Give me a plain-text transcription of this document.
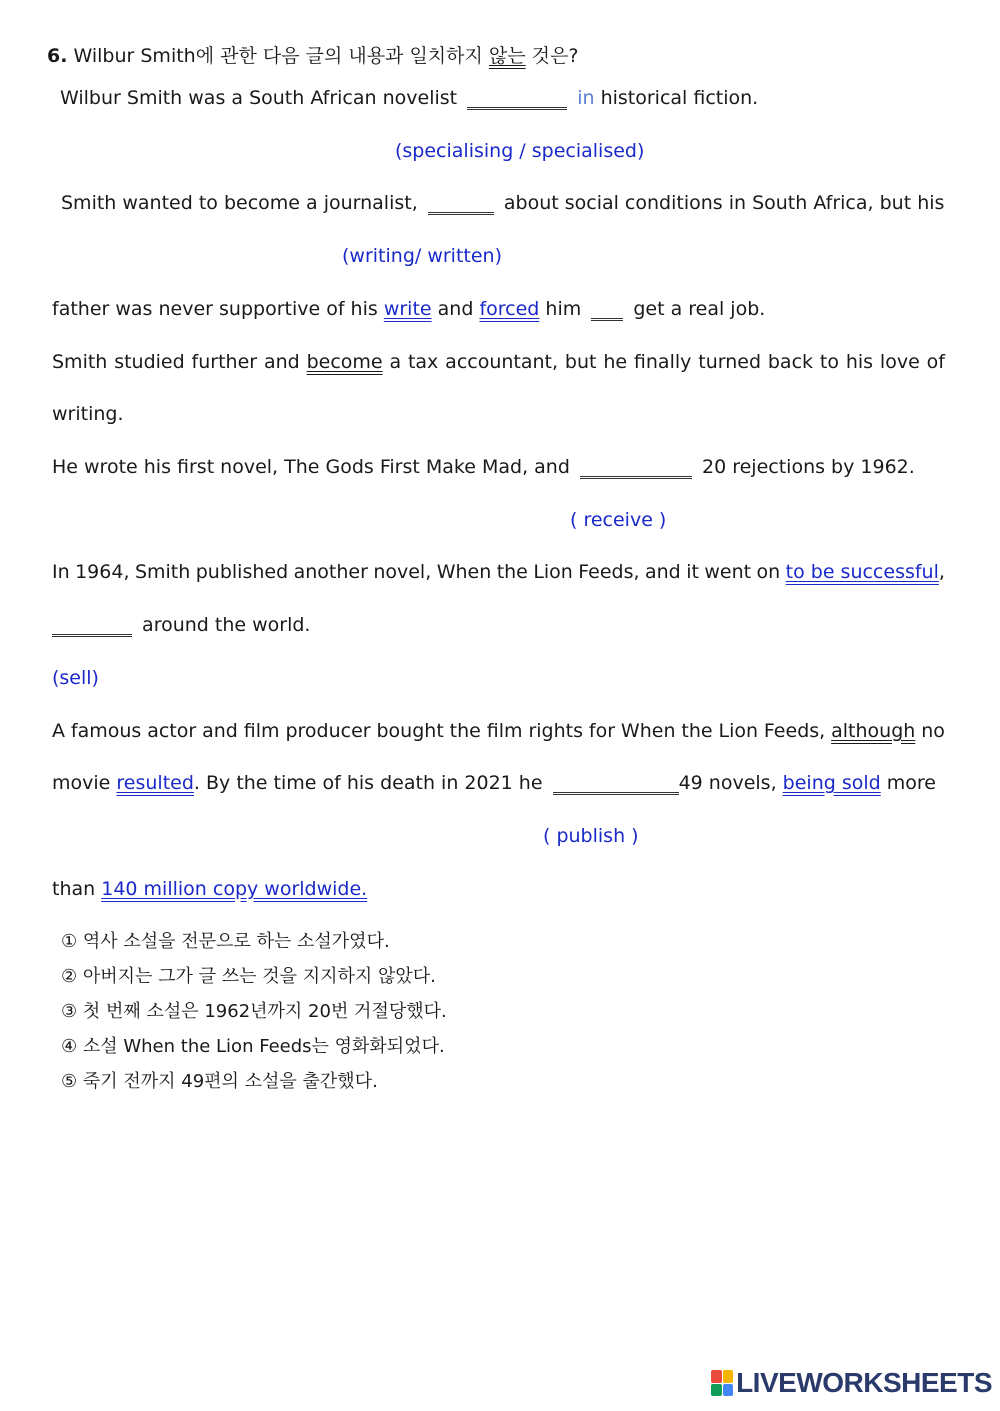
6. Wilbur Smith에 관한 다음 글의 내용과 일치하지 않는 것은?
Wilbur Smith was a South African novelist	in historical fiction.
(specialising / specialised)
Smith wanted to become a journalist,	about social conditions in South Africa, but his
(writing/ written)
father was never supportive of his write and forced him	get a real job.
Smith studied further and become a tax accountant, but he finally turned back to his love of
writing.
He wrote his first novel, The Gods First Make Mad, and	20 rejections by 1962.
( receive )
In 1964, Smith published another novel, When the Lion Feeds, and it went on to be successful,
around the world.
(sell)
A famous actor and film producer bought the film rights for When the Lion Feeds, although no
movie resulted. By the time of his death in 2021 he	49 novels, being sold more
( publish )
than 140 million copy worldwide.
① 역사 소설을 전문으로 하는 소설가였다.
② 아버지는 그가 글 쓰는 것을 지지하지 않았다.
③ 첫 번째 소설은 1962년까지 20번 거절당했다.
④ 소설 When the Lion Feeds는 영화화되었다.
⑤ 죽기 전까지 49편의 소설을 출간했다.
LIVEWORKSHEETS
